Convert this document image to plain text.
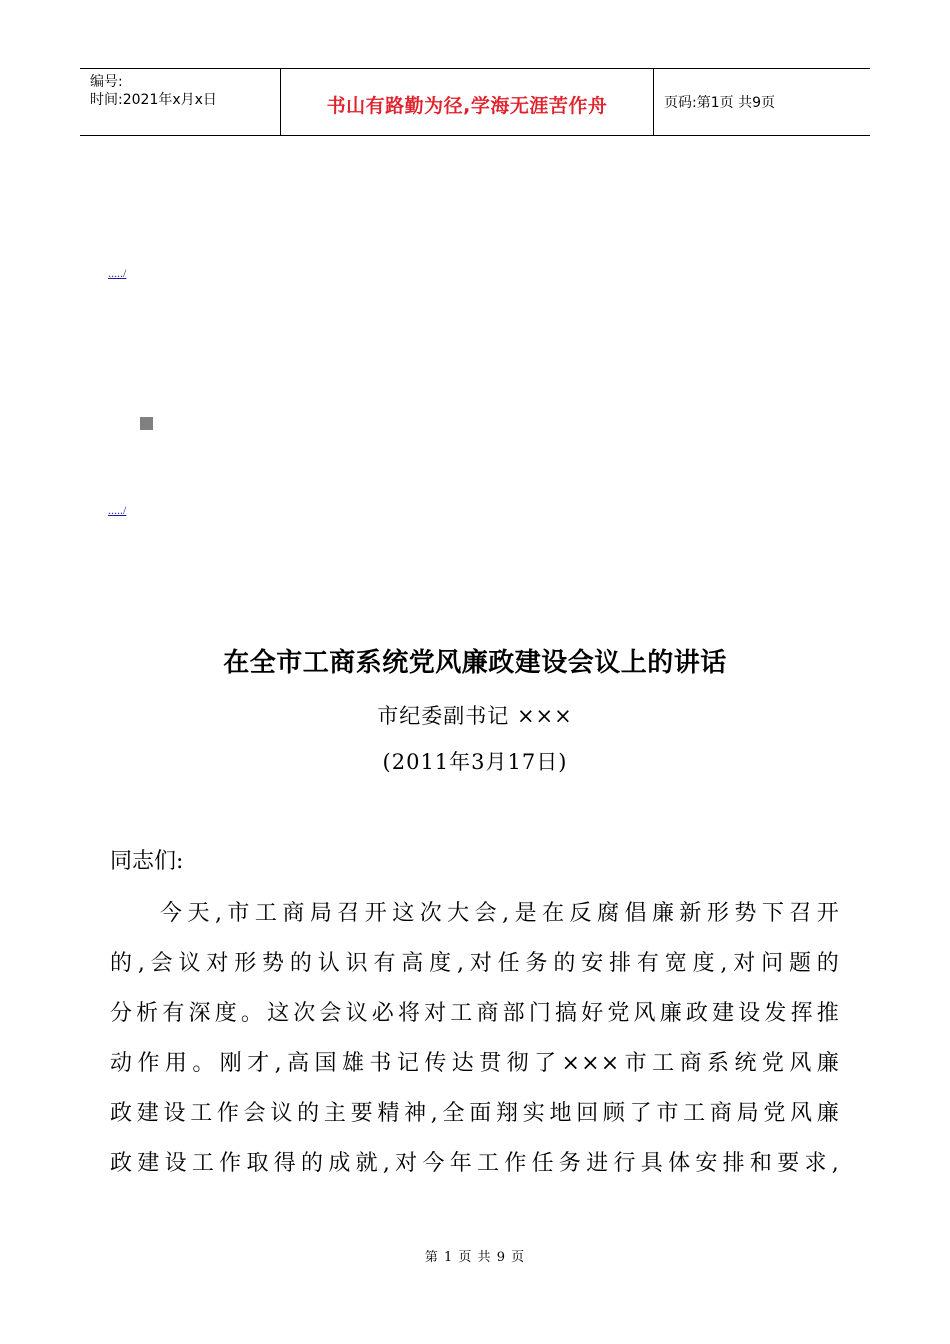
编号:
时间:2021年x月x日	书山有路勤为径,学海无涯苦作舟	页码:第1页 共9页
...../
...../
在全市工商系统党风廉政建设会议上的讲话
市纪委副书记 ×××
(2011年3月17日)
同志们:
今天,市工商局召开这次大会,是在反腐倡廉新形势下召开
的,会议对形势的认识有高度,对任务的安排有宽度,对问题的
分析有深度。这次会议必将对工商部门搞好党风廉政建设发挥推
动作用。刚才,高国雄书记传达贯彻了×××市工商系统党风廉
政建设工作会议的主要精神,全面翔实地回顾了市工商局党风廉
政建设工作取得的成就,对今年工作任务进行具体安排和要求,
第 1 页 共 9 页
